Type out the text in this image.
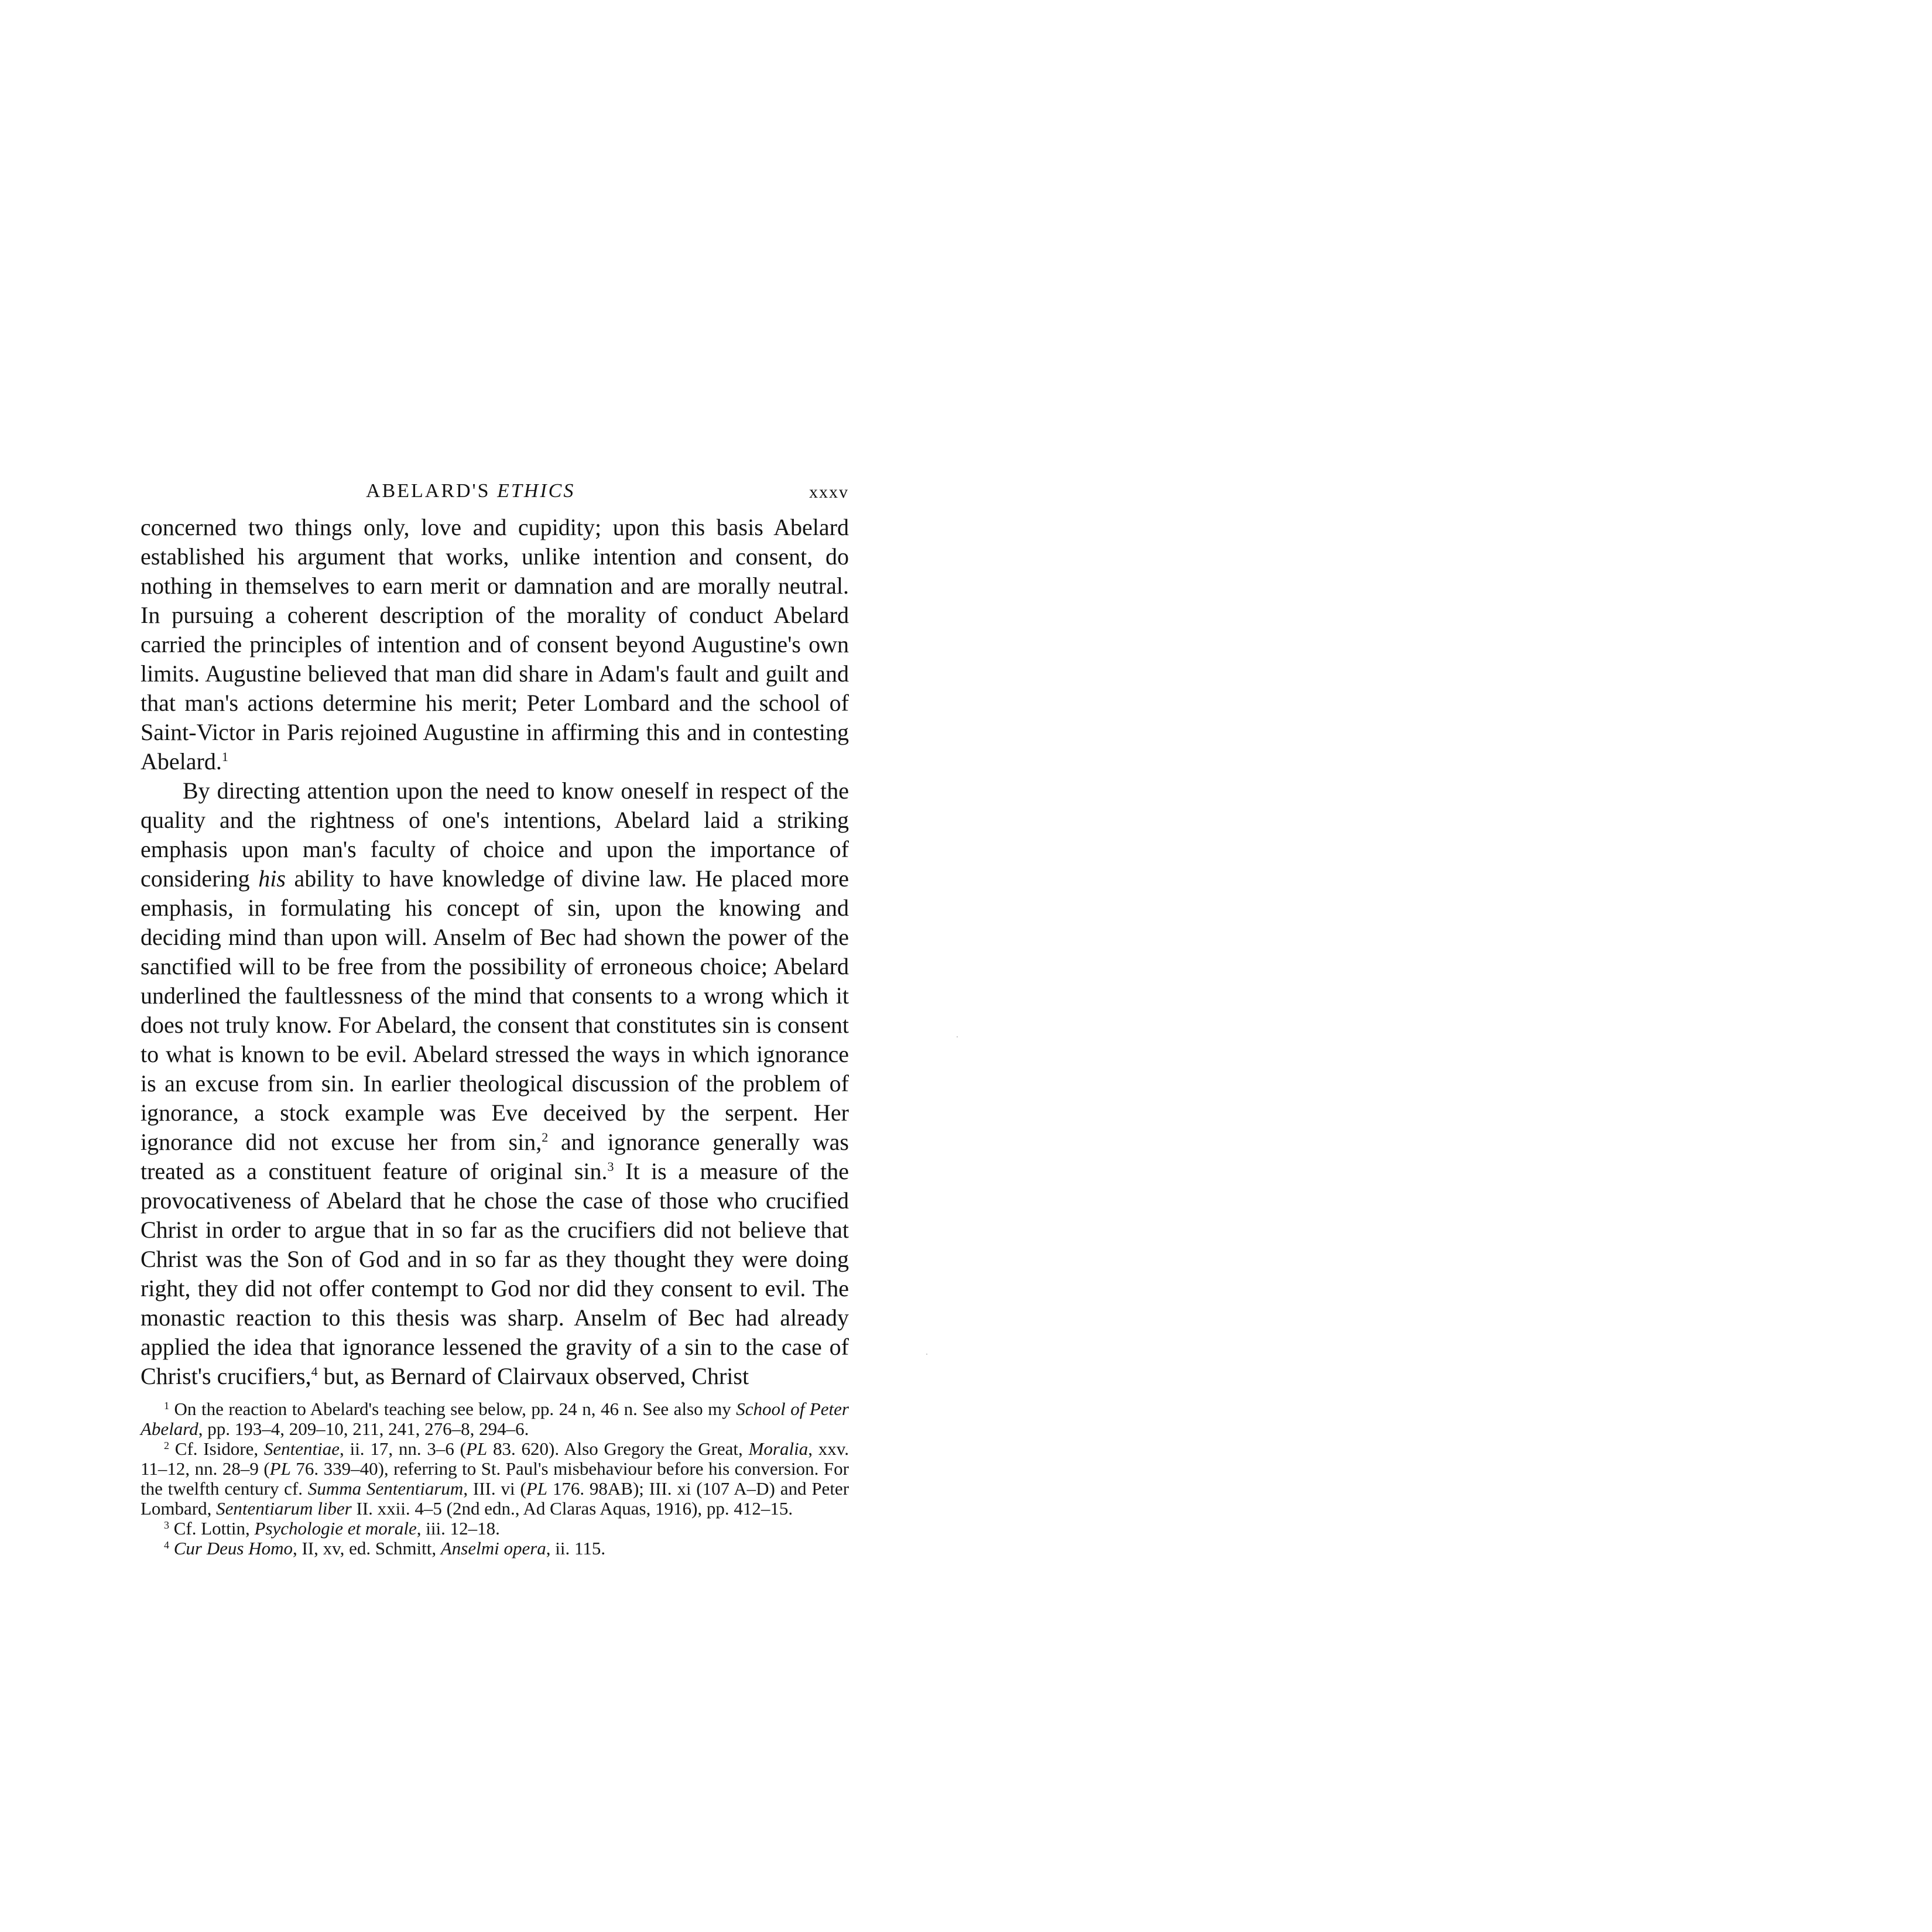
ABELARD'S ETHICS	xxxv

concerned two things only, love and cupidity; upon this basis Abelard established his argument that works, unlike intention and consent, do nothing in themselves to earn merit or damnation and are morally neutral. In pursuing a coherent description of the morality of conduct Abelard carried the principles of intention and of consent beyond Augustine's own limits. Augustine believed that man did share in Adam's fault and guilt and that man's actions determine his merit; Peter Lombard and the school of Saint-Victor in Paris rejoined Augustine in affirming this and in contesting Abelard.$^1$

By directing attention upon the need to know oneself in respect of the quality and the rightness of one's intentions, Abelard laid a striking emphasis upon man's faculty of choice and upon the importance of considering his ability to have knowledge of divine law. He placed more emphasis, in formulating his concept of sin, upon the knowing and deciding mind than upon will. Anselm of Bec had shown the power of the sanctified will to be free from the possibility of erroneous choice; Abelard underlined the faultlessness of the mind that consents to a wrong which it does not truly know. For Abelard, the consent that constitutes sin is consent to what is known to be evil. Abelard stressed the ways in which ignorance is an excuse from sin. In earlier theological discussion of the problem of ignorance, a stock example was Eve deceived by the serpent. Her ignorance did not excuse her from sin,$^2$ and ignorance generally was treated as a constituent feature of original sin.$^3$ It is a measure of the provocativeness of Abelard that he chose the case of those who crucified Christ in order to argue that in so far as the crucifiers did not believe that Christ was the Son of God and in so far as they thought they were doing right, they did not offer contempt to God nor did they consent to evil. The monastic reaction to this thesis was sharp. Anselm of Bec had already applied the idea that ignorance lessened the gravity of a sin to the case of Christ's crucifiers,$^4$ but, as Bernard of Clairvaux observed, Christ

$^1$ On the reaction to Abelard's teaching see below, pp. 24 n, 46 n. See also my School of Peter Abelard, pp. 193–4, 209–10, 211, 241, 276–8, 294–6.

$^2$ Cf. Isidore, Sententiae, ii. 17, nn. 3–6 (PL 83. 620). Also Gregory the Great, Moralia, xxv. 11–12, nn. 28–9 (PL 76. 339–40), referring to St. Paul's misbehaviour before his conversion. For the twelfth century cf. Summa Sententiarum, III. vi (PL 176. 98AB); III. xi (107 A–D) and Peter Lombard, Sententiarum liber II. xxii. 4–5 (2nd edn., Ad Claras Aquas, 1916), pp. 412–15.

$^3$ Cf. Lottin, Psychologie et morale, iii. 12–18.

$^4$ Cur Deus Homo, II, xv, ed. Schmitt, Anselmi opera, ii. 115.
